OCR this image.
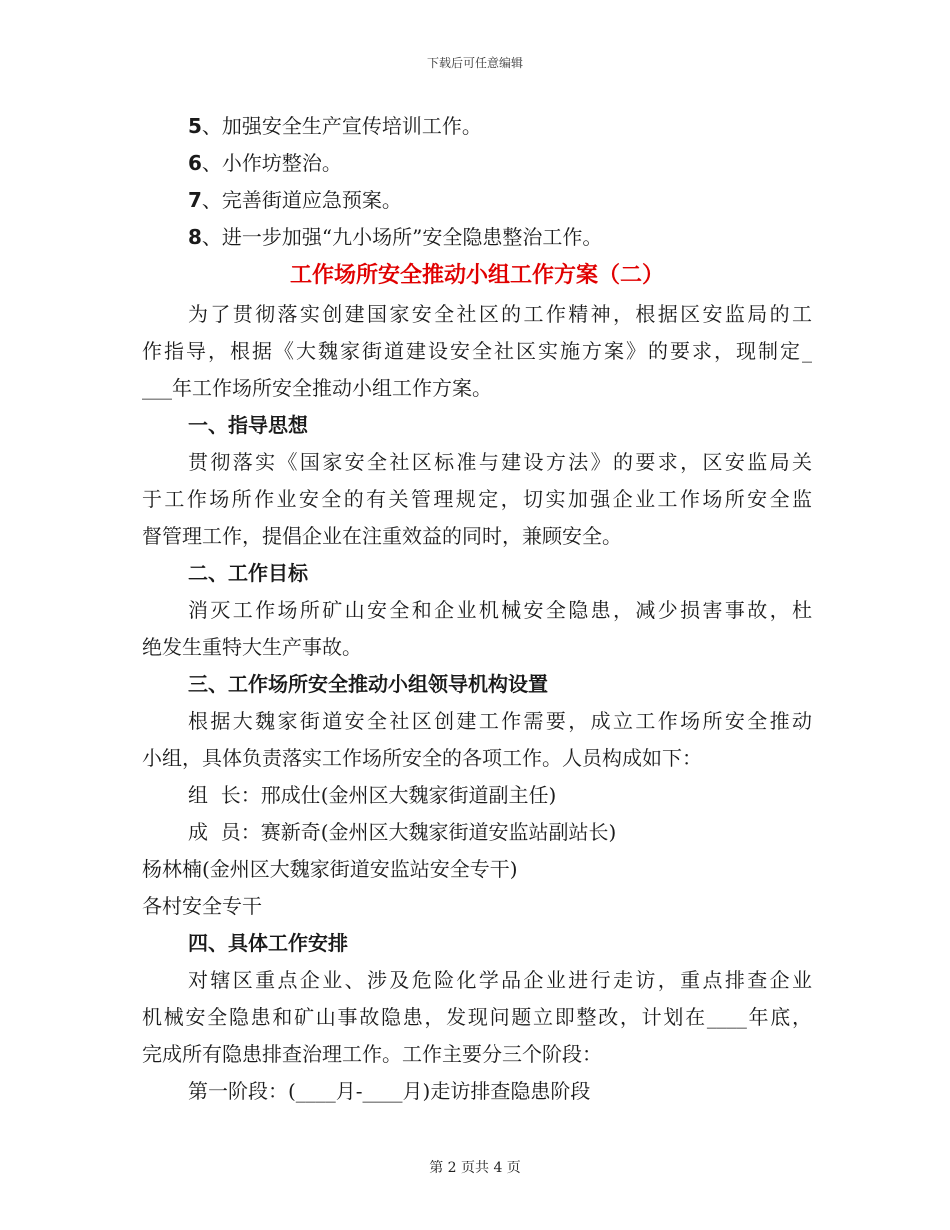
下载后可任意编辑
5、加强安全生产宣传培训工作。
6、小作坊整治。
7、完善街道应急预案。
8、进一步加强“九小场所”安全隐患整治工作。
工作场所安全推动小组工作方案（二）
为了贯彻落实创建国家安全社区的工作精神，根据区安监局的工
作指导，根据《大魏家街道建设安全社区实施方案》的要求，现制定_
___年工作场所安全推动小组工作方案。
一、指导思想
贯彻落实《国家安全社区标准与建设方法》的要求，区安监局关
于工作场所作业安全的有关管理规定，切实加强企业工作场所安全监
督管理工作，提倡企业在注重效益的同时，兼顾安全。
二、工作目标
消灭工作场所矿山安全和企业机械安全隐患，减少损害事故，杜
绝发生重特大生产事故。
三、工作场所安全推动小组领导机构设置
根据大魏家街道安全社区创建工作需要，成立工作场所安全推动
小组，具体负责落实工作场所安全的各项工作。人员构成如下：
组  长：邢成仕(金州区大魏家街道副主任)
成  员：赛新奇(金州区大魏家街道安监站副站长)
杨林楠(金州区大魏家街道安监站安全专干)
各村安全专干
四、具体工作安排
对辖区重点企业、涉及危险化学品企业进行走访，重点排查企业
机械安全隐患和矿山事故隐患，发现问题立即整改，计划在____年底，
完成所有隐患排查治理工作。工作主要分三个阶段：
第一阶段：(____月-____月)走访排查隐患阶段
第 2 页共 4 页
